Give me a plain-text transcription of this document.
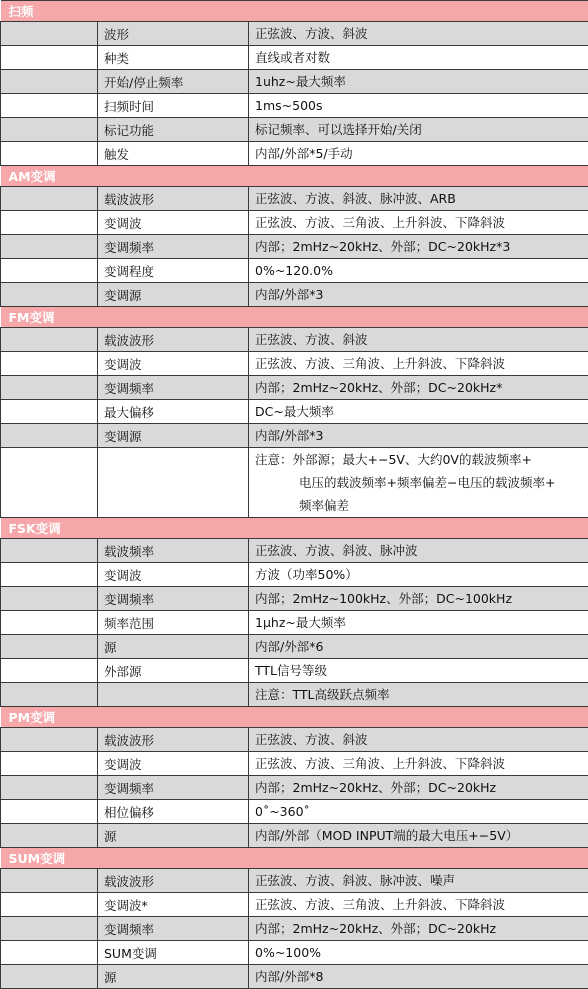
扫频		
	波形	正弦波、方波、斜波
	种类	直线或者对数
	开始/停止频率	1uhz~最大频率
	扫频时间	1ms~500s
	标记功能	标记频率、可以选择开始/关闭
	触发	内部/外部*5/手动
AM变调		
	载波波形	正弦波、方波、斜波、脉冲波、ARB
	变调波	正弦波、方波、三角波、上升斜波、下降斜波
	变调频率	内部；2mHz~20kHz、外部；DC~20kHz*3
	变调程度	0%~120.0%
	变调源	内部/外部*3
FM变调		
	载波波形	正弦波、方波、斜波
	变调波	正弦波、方波、三角波、上升斜波、下降斜波
	变调频率	内部；2mHz~20kHz、外部；DC~20kHz*
	最大偏移	DC~最大频率
	变调源	内部/外部*3

		注意：外部源；最大+−5V、大约0V的载波频率+
电压的载波频率+频率偏差−电压的载波频率+
频率偏差

FSK变调		
	载波频率	正弦波、方波、斜波、脉冲波
	变调波	方波（功率50%）
	变调频率	内部；2mHz~100kHz、外部；DC~100kHz
	频率范围	1μhz~最大频率
	源	内部/外部*6
	外部源	TTL信号等级
		注意：TTL高级跃点频率
PM变调		
	载波波形	正弦波、方波、斜波
	变调波	正弦波、方波、三角波、上升斜波、下降斜波
	变调频率	内部；2mHz~20kHz、外部；DC~20kHz
	相位偏移	0˚~360˚
	源	内部/外部（MOD INPUT端的最大电压+−5V）
SUM变调		
	载波波形	正弦波、方波、斜波、脉冲波、噪声
	变调波*	正弦波、方波、三角波、上升斜波、下降斜波
	变调频率	内部；2mHz~20kHz、外部；DC~20kHz
	SUM变调	0%~100%
	源	内部/外部*8
